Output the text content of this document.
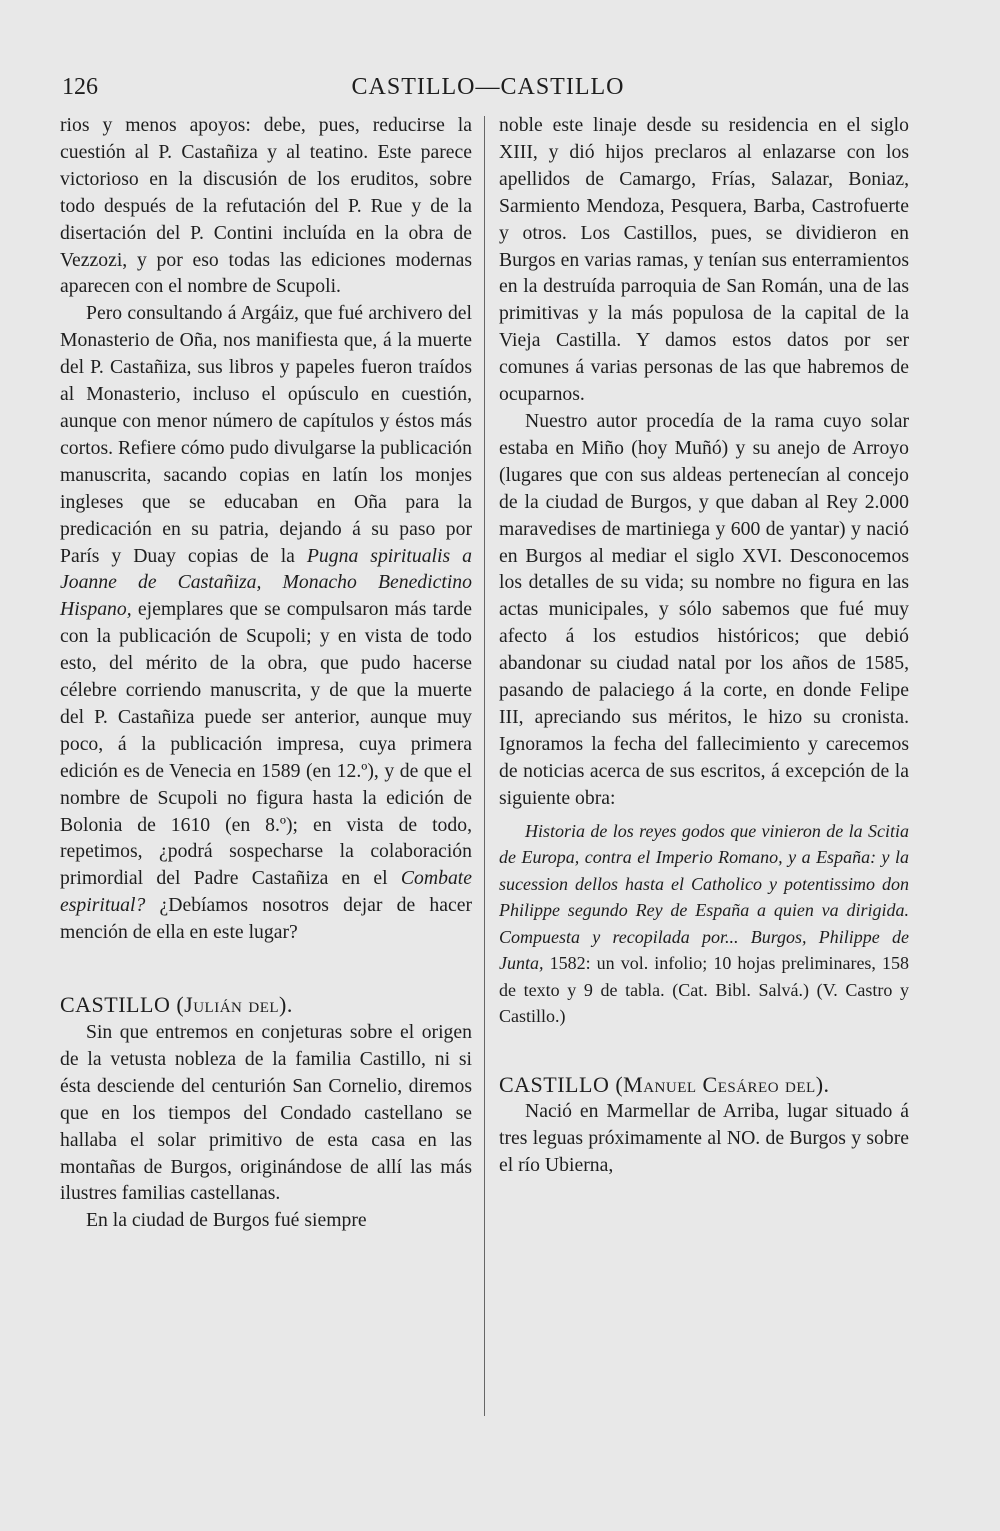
126	CASTILLO—CASTILLO

rios y menos apoyos: debe, pues, reducirse la cuestión al P. Castañiza y al teatino. Este parece victorioso en la discusión de los eruditos, sobre todo después de la refutación del P. Rue y de la disertación del P. Contini incluída en la obra de Vezzozi, y por eso todas las ediciones modernas aparecen con el nombre de Scupoli.

Pero consultando á Argáiz, que fué archivero del Monasterio de Oña, nos manifiesta que, á la muerte del P. Castañiza, sus libros y papeles fueron traídos al Monasterio, incluso el opúsculo en cuestión, aunque con menor número de capítulos y éstos más cortos. Refiere cómo pudo divulgarse la publicación manuscrita, sacando copias en latín los monjes ingleses que se educaban en Oña para la predicación en su patria, dejando á su paso por París y Duay copias de la Pugna spiritualis a Joanne de Castañiza, Monacho Benedictino Hispano, ejemplares que se compulsaron más tarde con la publicación de Scupoli; y en vista de todo esto, del mérito de la obra, que pudo hacerse célebre corriendo manuscrita, y de que la muerte del P. Castañiza puede ser anterior, aunque muy poco, á la publicación impresa, cuya primera edición es de Venecia en 1589 (en 12.º), y de que el nombre de Scupoli no figura hasta la edición de Bolonia de 1610 (en 8.º); en vista de todo, repetimos, ¿podrá sospecharse la colaboración primordial del Padre Castañiza en el Combate espiritual? ¿Debíamos nosotros dejar de hacer mención de ella en este lugar?

CASTILLO (Julián del).

Sin que entremos en conjeturas sobre el origen de la vetusta nobleza de la familia Castillo, ni si ésta desciende del centurión San Cornelio, diremos que en los tiempos del Condado castellano se hallaba el solar primitivo de esta casa en las montañas de Burgos, originándose de allí las más ilustres familias castellanas.

En la ciudad de Burgos fué siempre

noble este linaje desde su residencia en el siglo XIII, y dió hijos preclaros al enlazarse con los apellidos de Camargo, Frías, Salazar, Boniaz, Sarmiento Mendoza, Pesquera, Barba, Castrofuerte y otros. Los Castillos, pues, se dividieron en Burgos en varias ramas, y tenían sus enterramientos en la destruída parroquia de San Román, una de las primitivas y la más populosa de la capital de la Vieja Castilla. Y damos estos datos por ser comunes á varias personas de las que habremos de ocuparnos.

Nuestro autor procedía de la rama cuyo solar estaba en Miño (hoy Muñó) y su anejo de Arroyo (lugares que con sus aldeas pertenecían al concejo de la ciudad de Burgos, y que daban al Rey 2.000 maravedises de martiniega y 600 de yantar) y nació en Burgos al mediar el siglo XVI. Desconocemos los detalles de su vida; su nombre no figura en las actas municipales, y sólo sabemos que fué muy afecto á los estudios históricos; que debió abandonar su ciudad natal por los años de 1585, pasando de palaciego á la corte, en donde Felipe III, apreciando sus méritos, le hizo su cronista. Ignoramos la fecha del fallecimiento y carecemos de noticias acerca de sus escritos, á excepción de la siguiente obra:

Historia de los reyes godos que vinieron de la Scitia de Europa, contra el Imperio Romano, y a España: y la sucession dellos hasta el Catholico y potentissimo don Philippe segundo Rey de España a quien va dirigida. Compuesta y recopilada por... Burgos, Philippe de Junta, 1582: un vol. infolio; 10 hojas preliminares, 158 de texto y 9 de tabla. (Cat. Bibl. Salvá.) (V. Castro y Castillo.)

CASTILLO (Manuel Cesáreo del).

Nació en Marmellar de Arriba, lugar situado á tres leguas próximamente al NO. de Burgos y sobre el río Ubierna,
